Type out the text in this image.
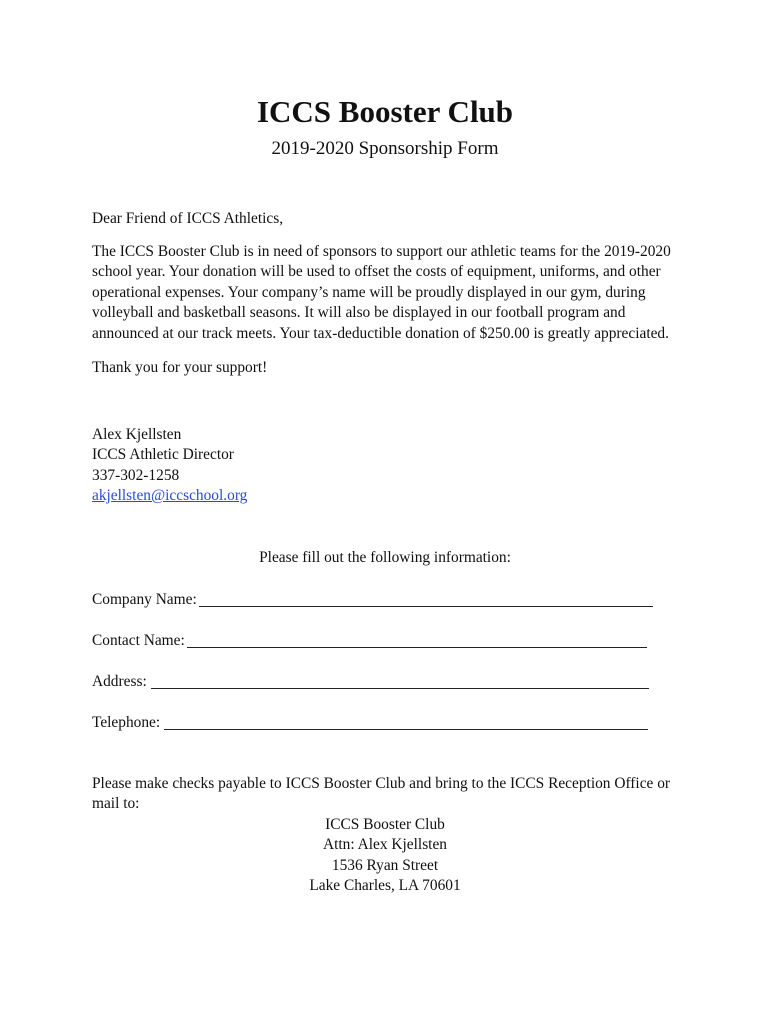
ICCS Booster Club
2019-2020 Sponsorship Form

Dear Friend of ICCS Athletics,

The ICCS Booster Club is in need of sponsors to support our athletic teams for the 2019-2020 school year. Your donation will be used to offset the costs of equipment, uniforms, and other operational expenses. Your company’s name will be proudly displayed in our gym, during volleyball and basketball seasons. It will also be displayed in our football program and announced at our track meets. Your tax-deductible donation of $250.00 is greatly appreciated.

Thank you for your support!

Alex Kjellsten
ICCS Athletic Director
337-302-1258
akjellsten@iccschool.org
Please fill out the following information:
Company Name:
Contact Name:
Address:
Telephone:

Please make checks payable to ICCS Booster Club and bring to the ICCS Reception Office or mail to:

ICCS Booster Club
Attn: Alex Kjellsten
1536 Ryan Street
Lake Charles, LA 70601
